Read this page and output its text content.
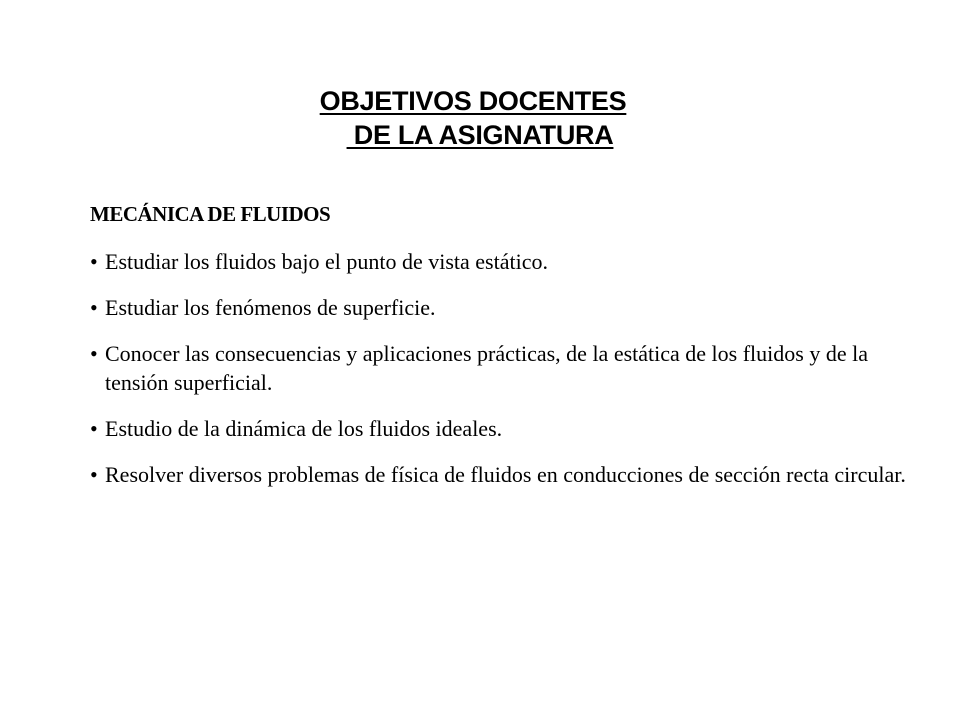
OBJETIVOS DOCENTES
DE LA ASIGNATURA
MECÁNICA DE FLUIDOS
• Estudiar los fluidos bajo el punto de vista estático.
• Estudiar los fenómenos de superficie.
• Conocer las consecuencias y aplicaciones prácticas, de la estática de los fluidos y de la tensión superficial.
• Estudio de la dinámica de los fluidos ideales.
• Resolver diversos problemas de física de fluidos en conducciones de sección recta circular.
